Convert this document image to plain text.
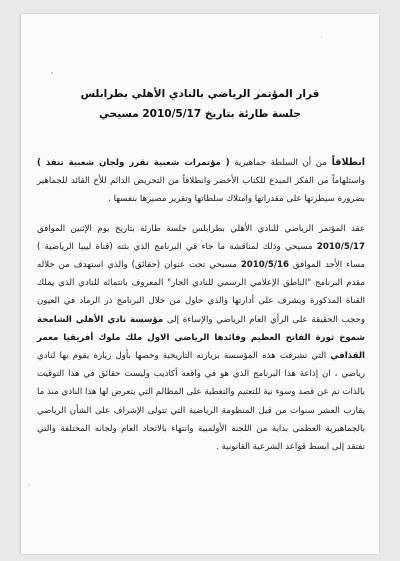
قرار المؤتمر الرياضي بالنادي الأهلي بطرابلس
جلسة طارئة بتاريخ 2010/5/17 مسيحي

انطلاقاً من أن السلطة جماهيرية ( مؤتمرات شعبية تقرر ولجان شعبية تنفذ ) واستلهاماً من الفكر المبدع للكتاب الأخضر وانطلاقاً من التحريض الدائم للأخ القائد للجماهير بضرورة سيطرتها على مقدراتها وامتلاك سلطاتها وتقرير مصيرها بنفسها .

عقد المؤتمر الرياضي للنادي الأهلي بطرابلس جلسة طارئة بتاريخ يوم الإثنين الموافق 2010/5/17 مسيحي وذلك لمناقشة ما جاء في البرنامج الذي بثته (قناة ليبيا الرياضية ) مساء الأحد الموافق 2010/5/16 مسيحي تحت عنوان (حقائق) والذي استهدف من خلاله مقدم البرنامج "الناطق الإعلامي الرسمي للنادي الجار" المعروف بانتمائه للنادي الذي يملك القناة المذكورة ويشرف على أدارتها والذي حاول من خلال البرنامج ذر الرماد في العيون وحجب الحقيقة على الرأي العام الرياضي والإساءة إلى مؤسسة نادي الأهلي الشامخة شموخ ثورة الفاتح العظيم وقائدها الرياضي الاول ملك ملوك أفريقيا معمر القذافي التي تشرفت هذه المؤسسة بزيارته التاريخية وخصها بأول زيارة يقوم بها لنادي رياضي ، ان إذاعة هذا البرنامج الذي هو في واقعه أكاذيب وليست حقائق في هذا التوقيت بالذات تم عن قصد وسوء نية للتعتيم والتغطية على المظالم التي يتعرض لها هذا النادي منذ ما يقارب العشر سنوات من قبل المنظومة الرياضية التي تتولى الإشراف على الشأن الرياضي بالجماهيرية العظمى بداية من اللجنة الأولمبية وانتهاء بالاتحاد العام ولجانه المختلفة والتي تفتقد إلى ابسط قواعد الشرعية القانونية .
